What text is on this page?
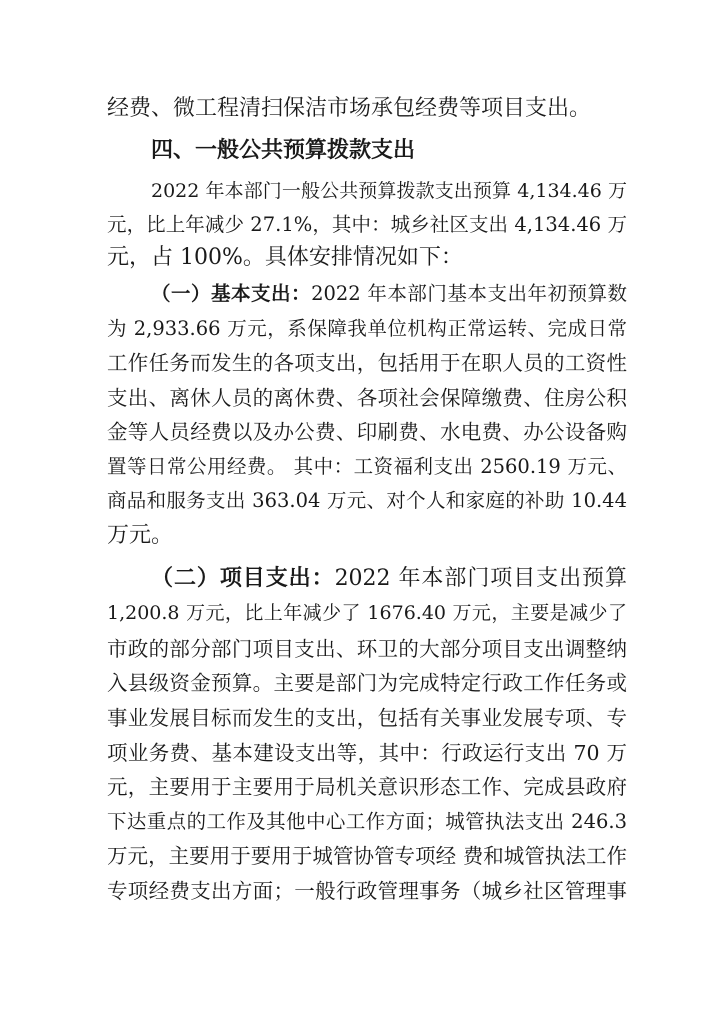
经费、微工程清扫保洁市场承包经费等项目支出。
四、一般公共预算拨款支出
2022 年本部门一般公共预算拨款支出预算 4,134.46 万
元，比上年减少 27.1%，其中：城乡社区支出 4,134.46 万
元，占 100%。具体安排情况如下：
（一）基本支出：2022 年本部门基本支出年初预算数
为 2,933.66 万元，系保障我单位机构正常运转、完成日常
工作任务而发生的各项支出，包括用于在职人员的工资性
支出、离休人员的离休费、各项社会保障缴费、住房公积
金等人员经费以及办公费、印刷费、水电费、办公设备购
置等日常公用经费。 其中：工资福利支出 2560.19 万元、
商品和服务支出 363.04 万元、对个人和家庭的补助 10.44
万元。
（二）项目支出：2022 年本部门项目支出预算
1,200.8 万元，比上年减少了 1676.40 万元，主要是减少了
市政的部分部门项目支出、环卫的大部分项目支出调整纳
入县级资金预算。主要是部门为完成特定行政工作任务或
事业发展目标而发生的支出，包括有关事业发展专项、专
项业务费、基本建设支出等，其中：行政运行支出 70 万
元，主要用于主要用于局机关意识形态工作、完成县政府
下达重点的工作及其他中心工作方面；城管执法支出 246.3
万元，主要用于要用于城管协管专项经 费和城管执法工作
专项经费支出方面；一般行政管理事务（城乡社区管理事
